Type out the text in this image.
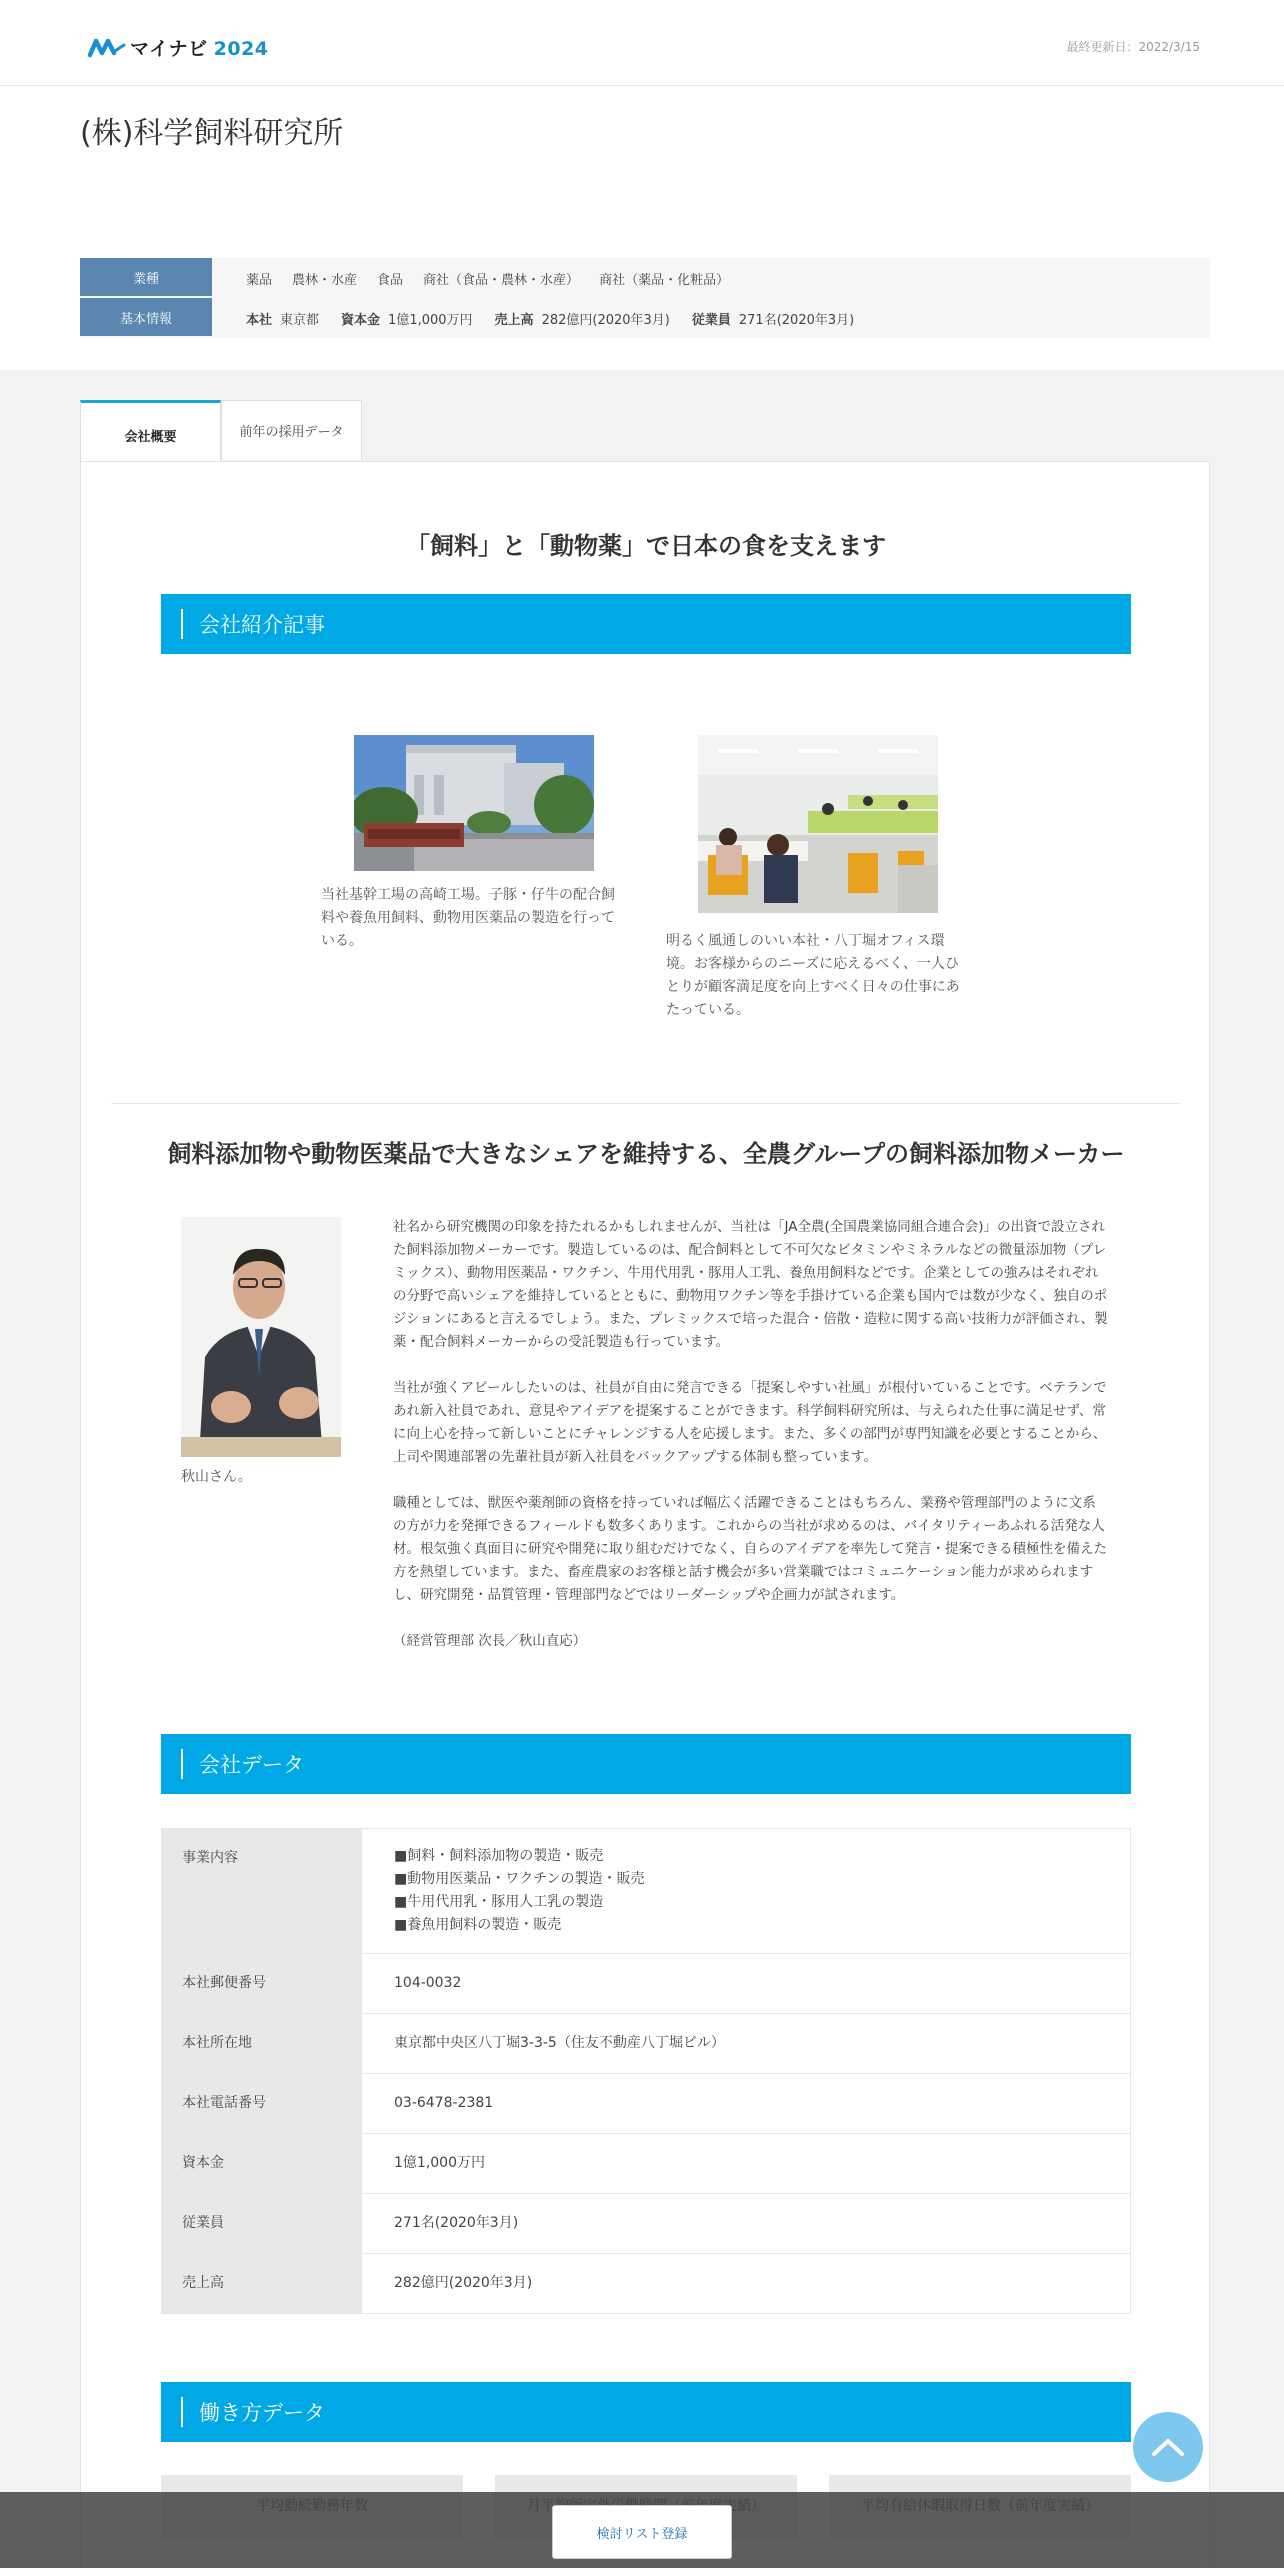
マイナビ 2024	最終更新日：2022/3/15
(株)科学飼料研究所
業種	薬品 農林・水産 食品 商社（食品・農林・水産） 商社（薬品・化粧品）
基本情報	本社 東京都 資本金 1億1,000万円 売上高 282億円(2020年3月) 従業員 271名(2020年3月)
会社概要	前年の採用データ
「飼料」と「動物薬」で日本の食を支えます
会社紹介記事
当社基幹工場の高崎工場。子豚・仔牛の配合飼料や養魚用飼料、動物用医薬品の製造を行っている。	明るく風通しのいい本社・八丁堀オフィス環境。お客様からのニーズに応えるべく、一人ひとりが顧客満足度を向上すべく日々の仕事にあたっている。
飼料添加物や動物医薬品で大きなシェアを維持する、全農グループの飼料添加物メーカー
秋山さん。

社名から研究機関の印象を持たれるかもしれませんが、当社は「JA全農(全国農業協同組合連合会)」の出資で設立された飼料添加物メーカーです。製造しているのは、配合飼料として不可欠なビタミンやミネラルなどの微量添加物（プレミックス）、動物用医薬品・ワクチン、牛用代用乳・豚用人工乳、養魚用飼料などです。企業としての強みはそれぞれの分野で高いシェアを維持しているとともに、動物用ワクチン等を手掛けている企業も国内では数が少なく、独自のポジションにあると言えるでしょう。また、プレミックスで培った混合・倍散・造粒に関する高い技術力が評価され、製薬・配合飼料メーカーからの受託製造も行っています。

当社が強くアピールしたいのは、社員が自由に発言できる「提案しやすい社風」が根付いていることです。ベテランであれ新入社員であれ、意見やアイデアを提案することができます。科学飼料研究所は、与えられた仕事に満足せず、常に向上心を持って新しいことにチャレンジする人を応援します。また、多くの部門が専門知識を必要とすることから、上司や関連部署の先輩社員が新入社員をバックアップする体制も整っています。

職種としては、獣医や薬剤師の資格を持っていれば幅広く活躍できることはもちろん、業務や管理部門のように文系の方が力を発揮できるフィールドも数多くあります。これからの当社が求めるのは、バイタリティーあふれる活発な人材。根気強く真面目に研究や開発に取り組むだけでなく、自らのアイデアを率先して発言・提案できる積極性を備えた方を熱望しています。また、畜産農家のお客様と話す機会が多い営業職ではコミュニケーション能力が求められますし、研究開発・品質管理・管理部門などではリーダーシップや企画力が試されます。

（経営管理部 次長／秋山直応）

会社データ
事業内容	■飼料・飼料添加物の製造・販売
■動物用医薬品・ワクチンの製造・販売
■牛用代用乳・豚用人工乳の製造
■養魚用飼料の製造・販売

本社郵便番号	104-0032
本社所在地	東京都中央区八丁堀3-3-5（住友不動産八丁堀ビル）
本社電話番号	03-6478-2381
資本金	1億1,000万円
従業員	271名(2020年3月)
売上高	282億円(2020年3月)
働き方データ
検討リスト登録
